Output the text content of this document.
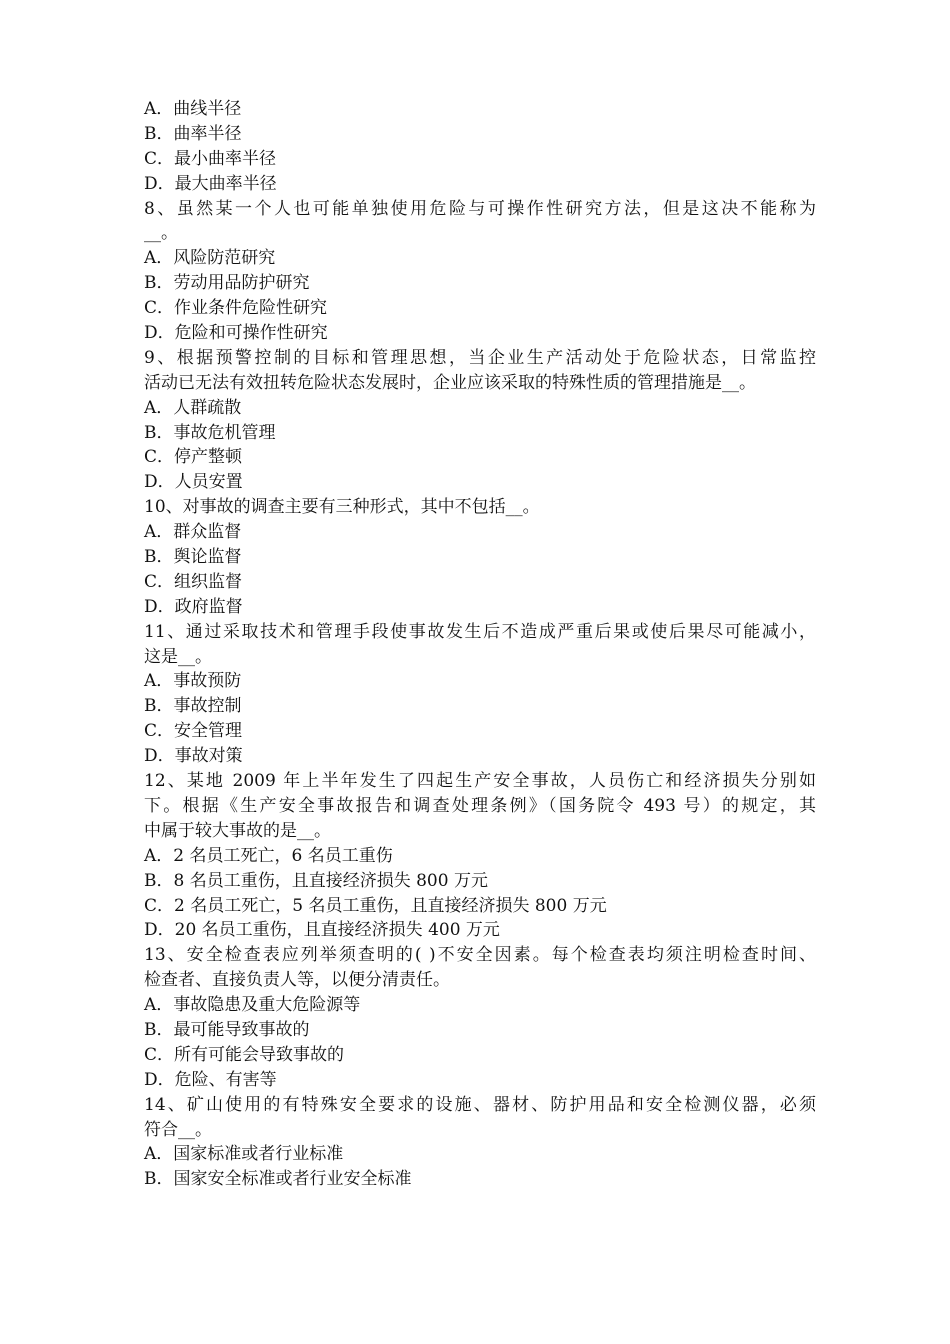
A．曲线半径
B．曲率半径
C．最小曲率半径
D．最大曲率半径
8、虽然某一个人也可能单独使用危险与可操作性研究方法，但是这决不能称为
__。
A．风险防范研究
B．劳动用品防护研究
C．作业条件危险性研究
D．危险和可操作性研究
9、根据预警控制的目标和管理思想，当企业生产活动处于危险状态，日常监控
活动已无法有效扭转危险状态发展时，企业应该采取的特殊性质的管理措施是__。
A．人群疏散
B．事故危机管理
C．停产整顿
D．人员安置
10、对事故的调查主要有三种形式，其中不包括__。
A．群众监督
B．舆论监督
C．组织监督
D．政府监督
11、通过采取技术和管理手段使事故发生后不造成严重后果或使后果尽可能减小，
这是__。
A．事故预防
B．事故控制
C．安全管理
D．事故对策
12、某地 2009 年上半年发生了四起生产安全事故，人员伤亡和经济损失分别如
下。根据《生产安全事故报告和调查处理条例》（国务院令 493 号）的规定，其
中属于较大事故的是__。
A．2 名员工死亡，6 名员工重伤
B．8 名员工重伤，且直接经济损失 800 万元
C．2 名员工死亡，5 名员工重伤，且直接经济损失 800 万元
D．20 名员工重伤，且直接经济损失 400 万元
13、安全检查表应列举须查明的( )不安全因素。每个检查表均须注明检查时间、
检查者、直接负责人等，以便分清责任。
A．事故隐患及重大危险源等
B．最可能导致事故的
C．所有可能会导致事故的
D．危险、有害等
14、矿山使用的有特殊安全要求的设施、器材、防护用品和安全检测仪器，必须
符合__。
A．国家标准或者行业标准
B．国家安全标准或者行业安全标准
